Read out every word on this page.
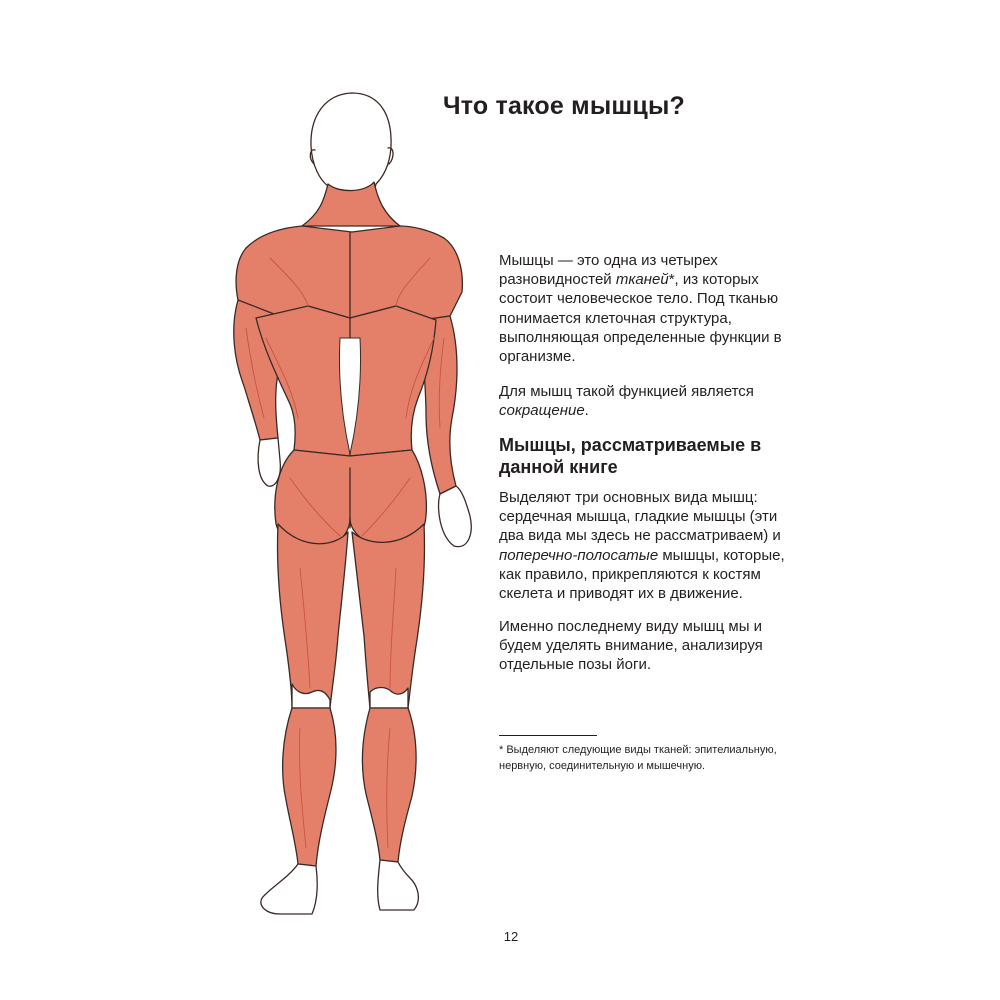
Что такое мышцы?

Мышцы — это одна из четырех разновидностей тканей*, из которых состоит человеческое тело. Под тканью понимается клеточная структура, выполняющая определенные функции в организме.

Для мышц такой функцией является сокращение.

Мышцы, рассматриваемые в данной книге

Выделяют три основных вида мышц: сердечная мышца, гладкие мышцы (эти два вида мы здесь не рассматриваем) и поперечно-полосатые мышцы, которые, как правило, прикрепляются к костям скелета и приводят их в движение.

Именно последнему виду мышц мы и будем уделять внимание, анализируя отдельные позы йоги.

* Выделяют следующие виды тканей: эпителиальную, нервную, соединительную и мышечную.

12
